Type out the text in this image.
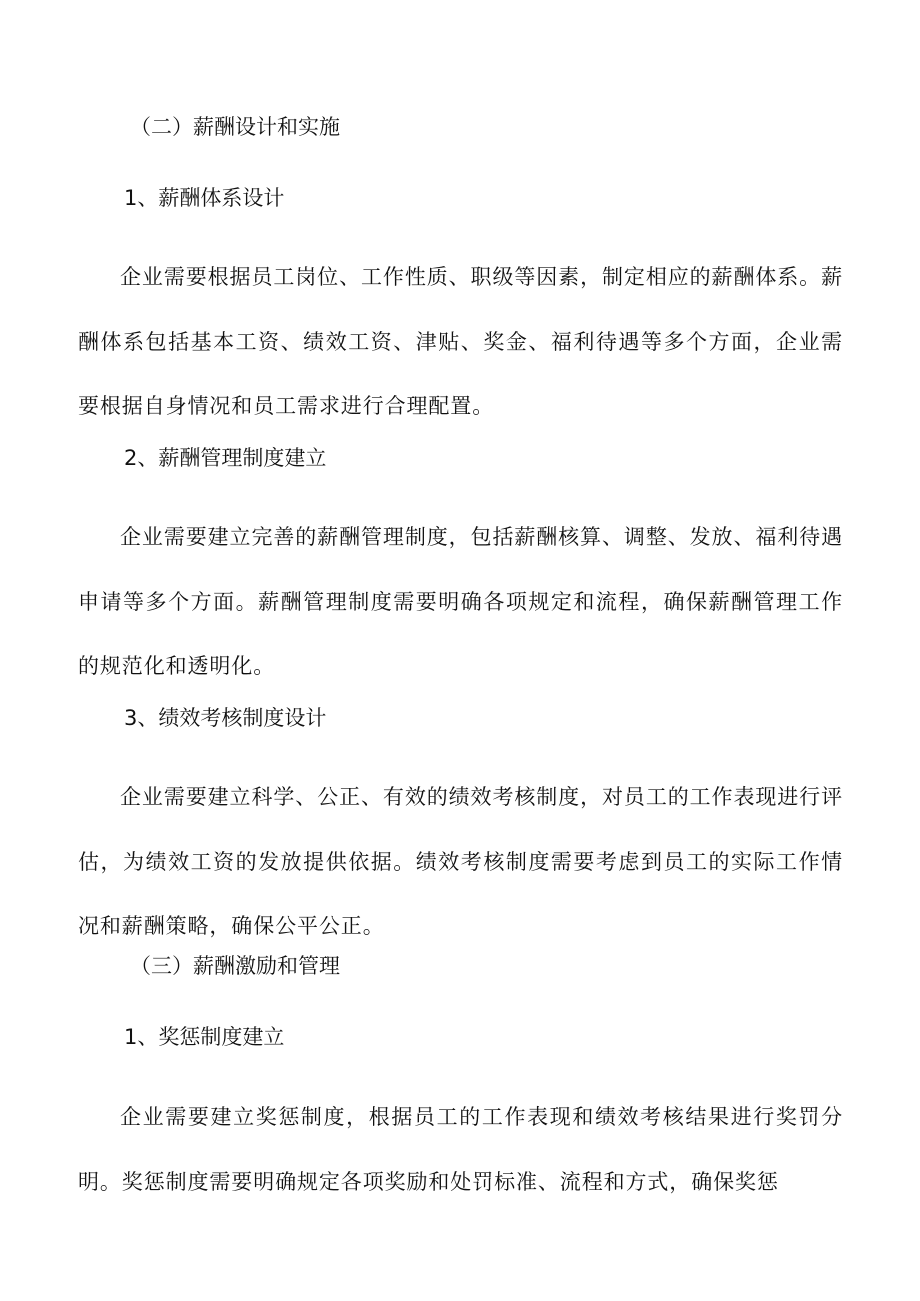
（二）薪酬设计和实施
1、薪酬体系设计
企业需要根据员工岗位、工作性质、职级等因素，制定相应的薪酬体系。薪酬体系包括基本工资、绩效工资、津贴、奖金、福利待遇等多个方面，企业需要根据自身情况和员工需求进行合理配置。
2、薪酬管理制度建立
企业需要建立完善的薪酬管理制度，包括薪酬核算、调整、发放、福利待遇申请等多个方面。薪酬管理制度需要明确各项规定和流程，确保薪酬管理工作的规范化和透明化。
3、绩效考核制度设计
企业需要建立科学、公正、有效的绩效考核制度，对员工的工作表现进行评估，为绩效工资的发放提供依据。绩效考核制度需要考虑到员工的实际工作情况和薪酬策略，确保公平公正。
（三）薪酬激励和管理
1、奖惩制度建立
企业需要建立奖惩制度，根据员工的工作表现和绩效考核结果进行奖罚分明。奖惩制度需要明确规定各项奖励和处罚标准、流程和方式，确保奖惩
